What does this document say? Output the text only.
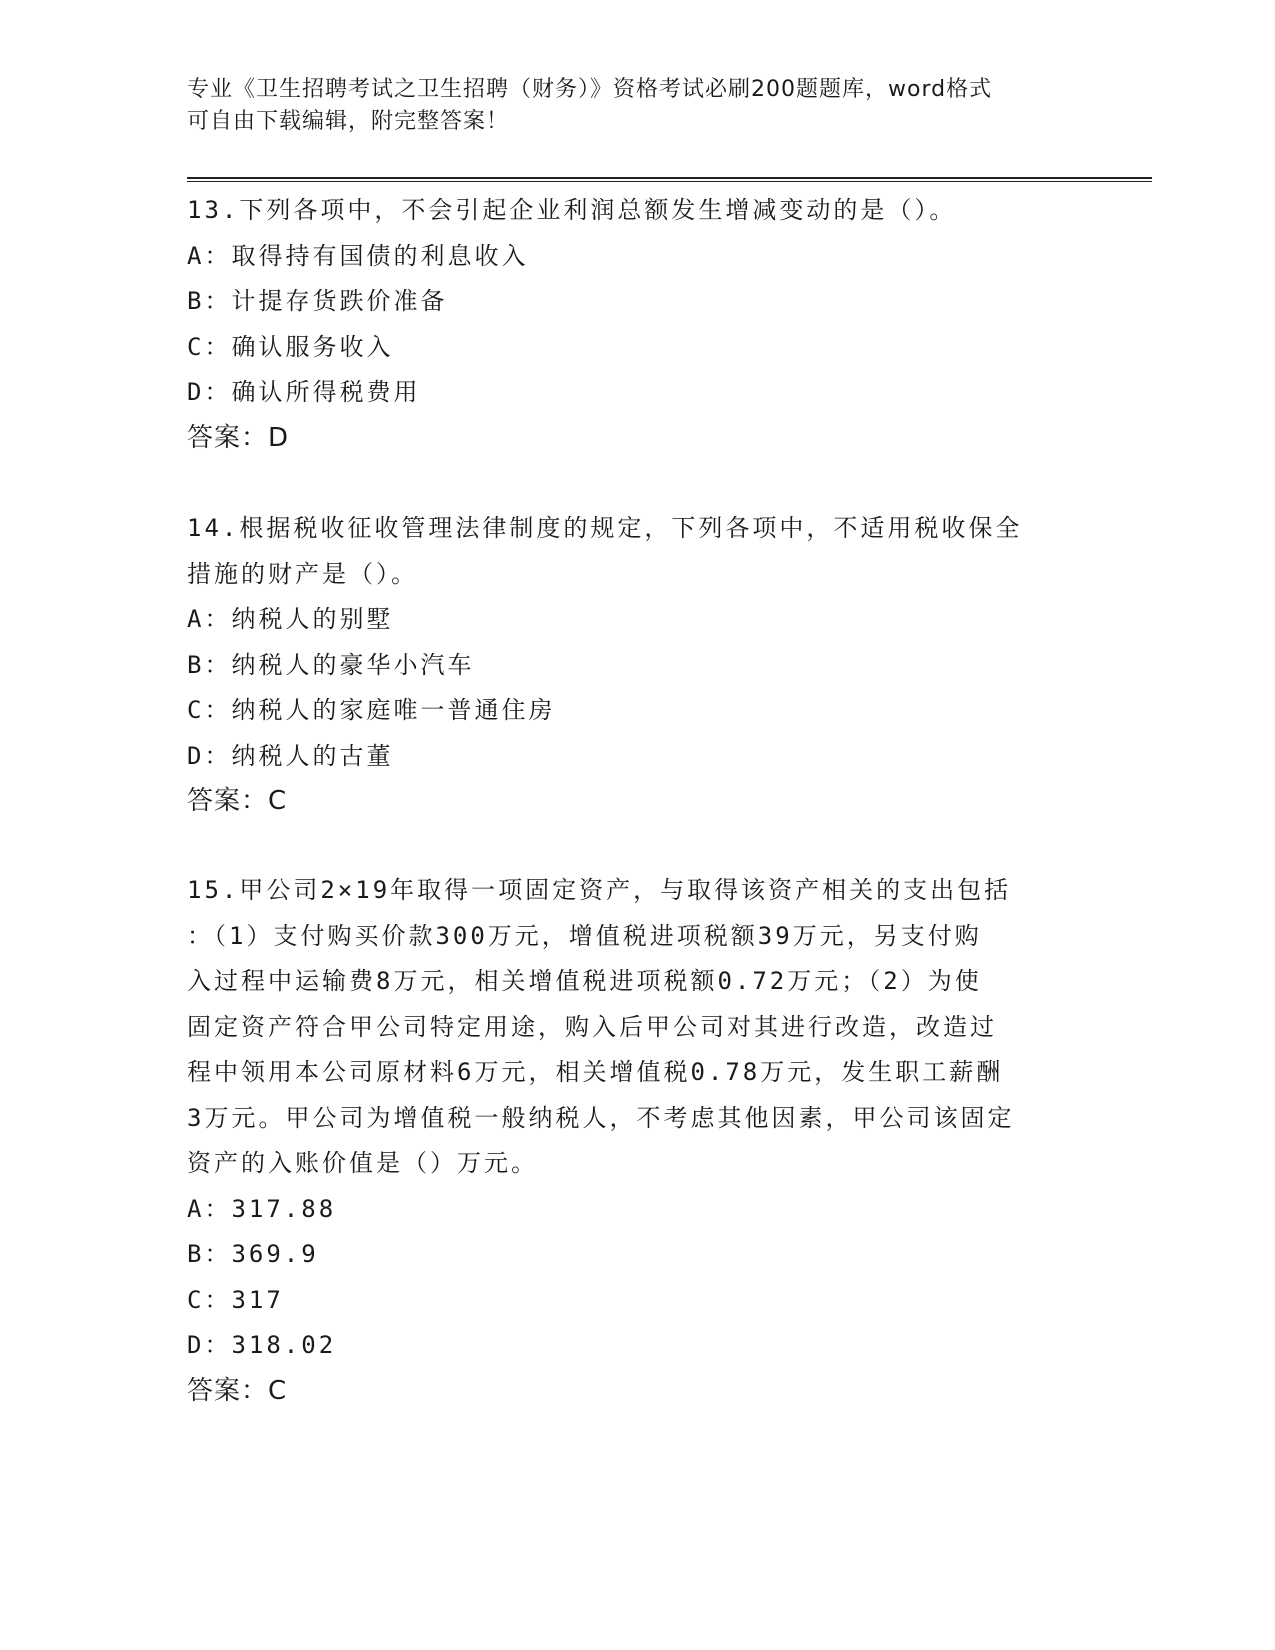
专业《卫生招聘考试之卫生招聘（财务）》资格考试必刷200题题库，word格式
可自由下载编辑，附完整答案！
13.下列各项中，不会引起企业利润总额发生增减变动的是（）。
A：取得持有国债的利息收入
B：计提存货跌价准备
C：确认服务收入
D：确认所得税费用
答案：D
14.根据税收征收管理法律制度的规定，下列各项中，不适用税收保全
措施的财产是（）。
A：纳税人的别墅
B：纳税人的豪华小汽车
C：纳税人的家庭唯一普通住房
D：纳税人的古董
答案：C
15.甲公司2×19年取得一项固定资产，与取得该资产相关的支出包括
：（1）支付购买价款300万元，增值税进项税额39万元，另支付购
入过程中运输费8万元，相关增值税进项税额0.72万元；（2）为使
固定资产符合甲公司特定用途，购入后甲公司对其进行改造，改造过
程中领用本公司原材料6万元，相关增值税0.78万元，发生职工薪酬
3万元。甲公司为增值税一般纳税人，不考虑其他因素，甲公司该固定
资产的入账价值是（）万元。
A：317.88
B：369.9
C：317
D：318.02
答案：C
